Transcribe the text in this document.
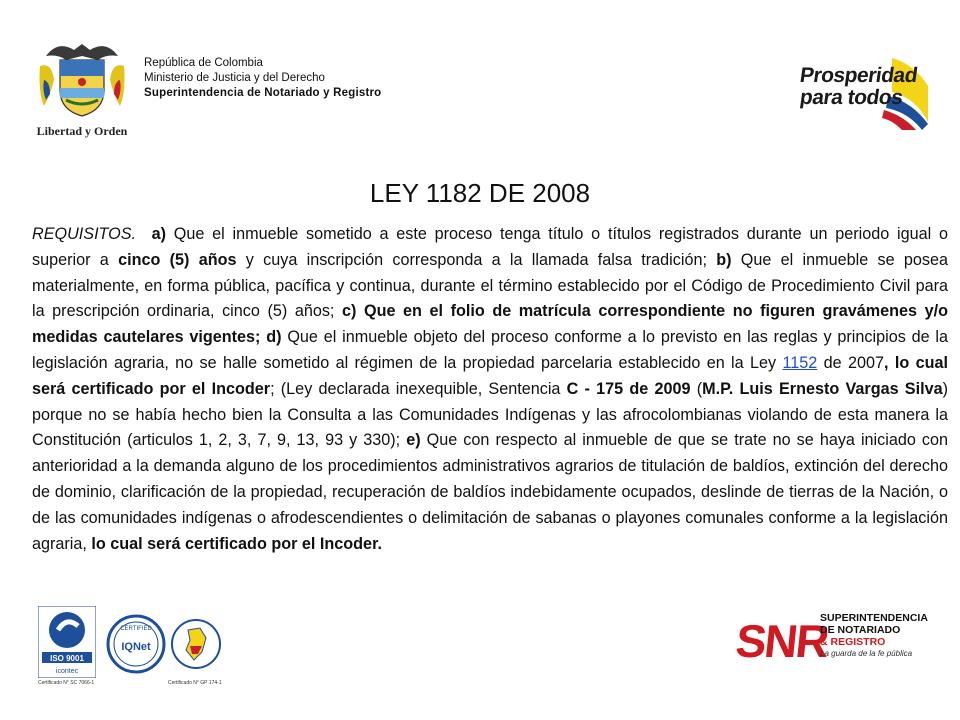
Libertad y Orden
República de Colombia
Ministerio de Justicia y del Derecho
Superintendencia de Notariado y Registro
Prosperidad
para todos
LEY 1182 DE 2008
REQUISITOS. a) Que el inmueble sometido a este proceso tenga título o títulos registrados durante un periodo igual o superior a cinco (5) años y cuya inscripción corresponda a la llamada falsa tradición; b) Que el inmueble se posea materialmente, en forma pública, pacífica y continua, durante el término establecido por el Código de Procedimiento Civil para la prescripción ordinaria, cinco (5) años; c) Que en el folio de matrícula correspondiente no figuren gravámenes y/o medidas cautelares vigentes; d) Que el inmueble objeto del proceso conforme a lo previsto en las reglas y principios de la legislación agraria, no se halle sometido al régimen de la propiedad parcelaria establecido en la Ley 1152 de 2007, lo cual será certificado por el Incoder; (Ley declarada inexequible, Sentencia C - 175 de 2009 (M.P. Luis Ernesto Vargas Silva) porque no se había hecho bien la Consulta a las Comunidades Indígenas y las afrocolombianas violando de esta manera la Constitución (articulos 1, 2, 3, 7, 9, 13, 93 y 330); e) Que con respecto al inmueble de que se trate no se haya iniciado con anterioridad a la demanda alguno de los procedimientos administrativos agrarios de titulación de baldíos, extinción del derecho de dominio, clarificación de la propiedad, recuperación de baldíos indebidamente ocupados, deslinde de tierras de la Nación, o de las comunidades indígenas o afrodescendientes o delimitación de sabanas o playones comunales conforme a la legislación agraria, lo cual será certificado por el Incoder.
ISO 9001
icontec
Certificado N° SC 7066-1
CERTIFIED
IQNet
Certificado N° GP 174-1
SNR
SUPERINTENDENCIA
DE NOTARIADO
& REGISTRO
La guarda de la fe pública
